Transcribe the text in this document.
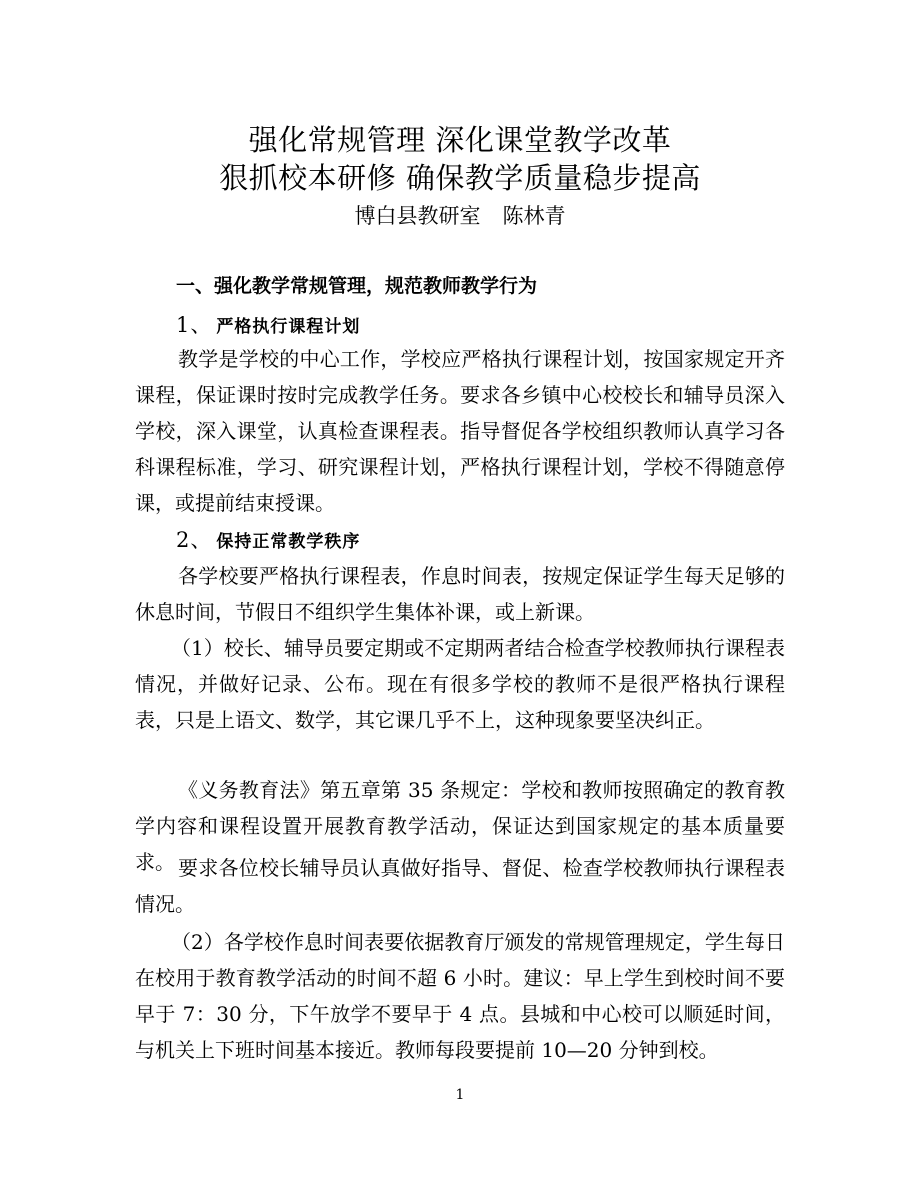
强化常规管理 深化课堂教学改革
狠抓校本研修 确保教学质量稳步提高
博白县教研室 陈林青
一、强化教学常规管理，规范教师教学行为
1、 严格执行课程计划

教学是学校的中心工作，学校应严格执行课程计划，按国家规定开齐课程，保证课时按时完成教学任务。要求各乡镇中心校校长和辅导员深入学校，深入课堂，认真检查课程表。指导督促各学校组织教师认真学习各科课程标准，学习、研究课程计划，严格执行课程计划，学校不得随意停课，或提前结束授课。

2、 保持正常教学秩序

各学校要严格执行课程表，作息时间表，按规定保证学生每天足够的休息时间，节假日不组织学生集体补课，或上新课。

（1）校长、辅导员要定期或不定期两者结合检查学校教师执行课程表情况，并做好记录、公布。现在有很多学校的教师不是很严格执行课程表，只是上语文、数学，其它课几乎不上，这种现象要坚决纠正。

《义务教育法》第五章第 35 条规定：学校和教师按照确定的教育教学内容和课程设置开展教育教学活动，保证达到国家规定的基本质量要求。 要求各位校长辅导员认真做好指导、督促、检查学校教师执行课程表情况。

（2）各学校作息时间表要依据教育厅颁发的常规管理规定，学生每日在校用于教育教学活动的时间不超 6 小时。建议：早上学生到校时间不要早于 7：30 分，下午放学不要早于 4 点。县城和中心校可以顺延时间，与机关上下班时间基本接近。教师每段要提前 10—20 分钟到校。

1
